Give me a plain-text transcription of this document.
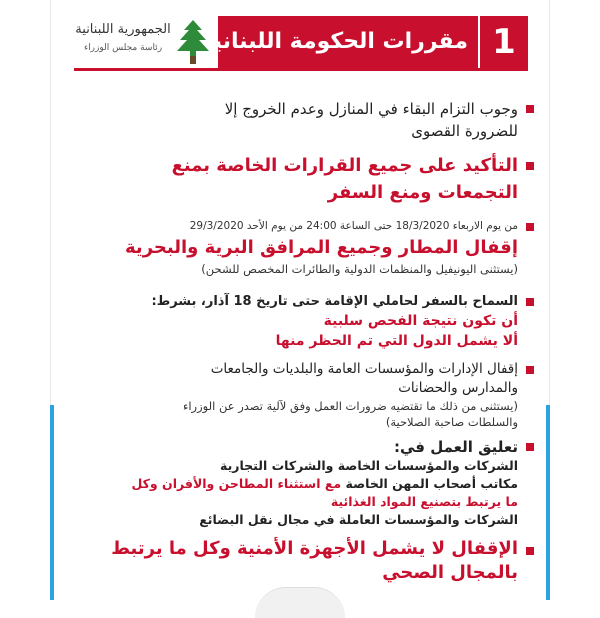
1
مقررات الحكومة اللبنانية
الجمهورية اللبنانية
رئاسة مجلس الوزراء
وجوب التزام البقاء في المنازل وعدم الخروج إلا
للضرورة القصوى
التأكيد على جميع القرارات الخاصة بمنع
التجمعات ومنع السفر
من يوم الاربعاء 18/3/2020 حتى الساعة 24:00 من يوم الأحد 29/3/2020
إقفال المطار وجميع المرافق البرية والبحرية
(يستثنى اليونيفيل والمنظمات الدولية والطائرات المخصص للشحن)
السماح بالسفر لحاملي الإقامة حتى تاريخ 18 آذار، بشرط:
أن تكون نتيجة الفحص سلبية
ألا يشمل الدول التي تم الحظر منها
إقفال الإدارات والمؤسسات العامة والبلديات والجامعات
والمدارس والحضانات
(يستثنى من ذلك ما تقتضيه ضرورات العمل وفق لآلية تصدر عن الوزراء
والسلطات صاحبة الصلاحية)
تعليق العمل في:
الشركات والمؤسسات الخاصة والشركات التجارية
مكاتب أصحاب المهن الخاصة مع استثناء المطاحن والأفران وكل
ما يرتبط بتصنيع المواد الغذائية
الشركات والمؤسسات العاملة في مجال نقل البضائع
الإقفال لا يشمل الأجهزة الأمنية وكل ما يرتبط
بالمجال الصحي
